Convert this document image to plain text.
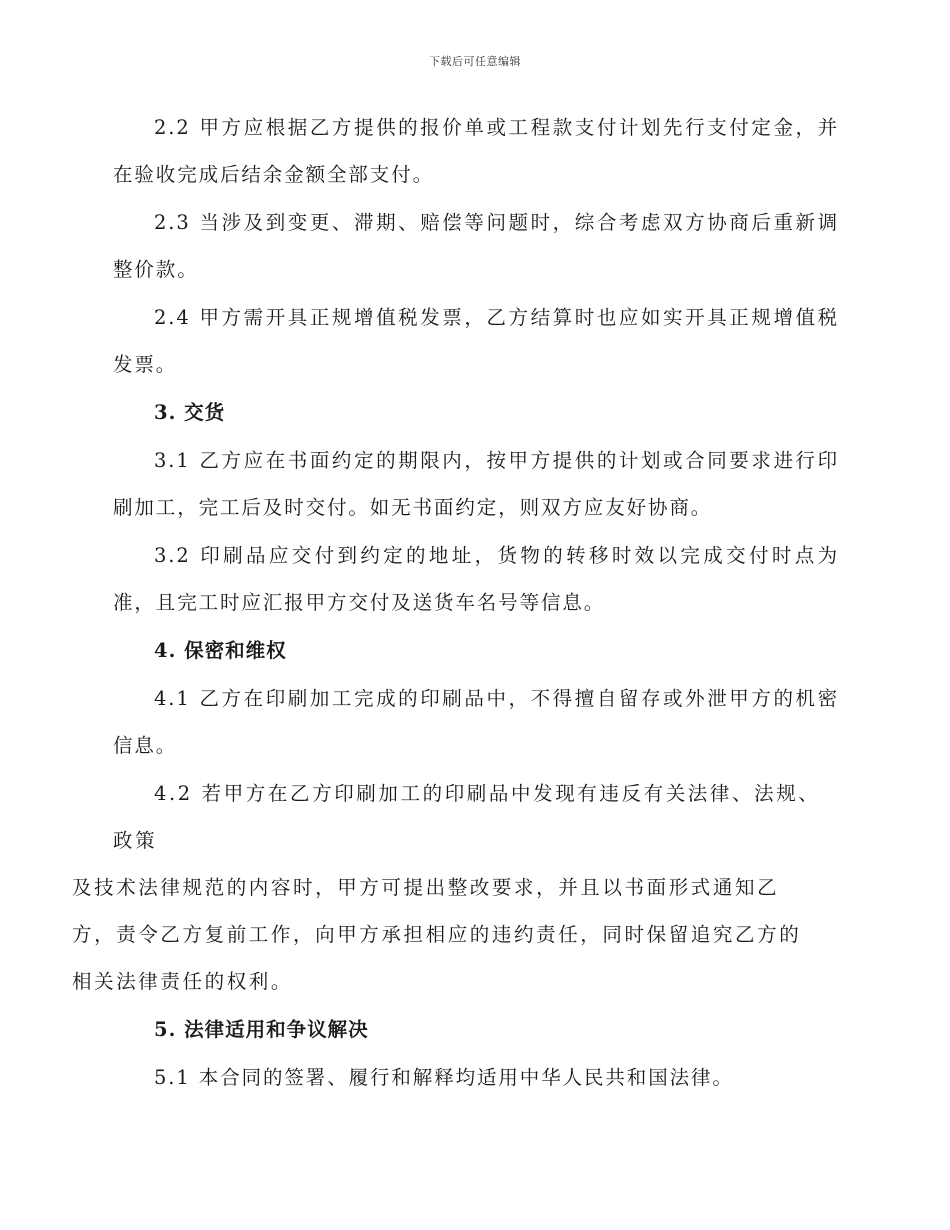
下载后可任意编辑

2.2 甲方应根据乙方提供的报价单或工程款支付计划先行支付定金，并在验收完成后结余金额全部支付。

2.3 当涉及到变更、滞期、赔偿等问题时，综合考虑双方协商后重新调整价款。

2.4 甲方需开具正规增值税发票，乙方结算时也应如实开具正规增值税发票。

3. 交货

3.1 乙方应在书面约定的期限内，按甲方提供的计划或合同要求进行印刷加工，完工后及时交付。如无书面约定，则双方应友好协商。

3.2 印刷品应交付到约定的地址，货物的转移时效以完成交付时点为准，且完工时应汇报甲方交付及送货车名号等信息。

4. 保密和维权

4.1 乙方在印刷加工完成的印刷品中，不得擅自留存或外泄甲方的机密信息。

4.2 若甲方在乙方印刷加工的印刷品中发现有违反有关法律、法规、政策
及技术法律规范的内容时，甲方可提出整改要求，并且以书面形式通知乙
方，责令乙方复前工作，向甲方承担相应的违约责任，同时保留追究乙方的
相关法律责任的权利。

5. 法律适用和争议解决

5.1 本合同的签署、履行和解释均适用中华人民共和国法律。
